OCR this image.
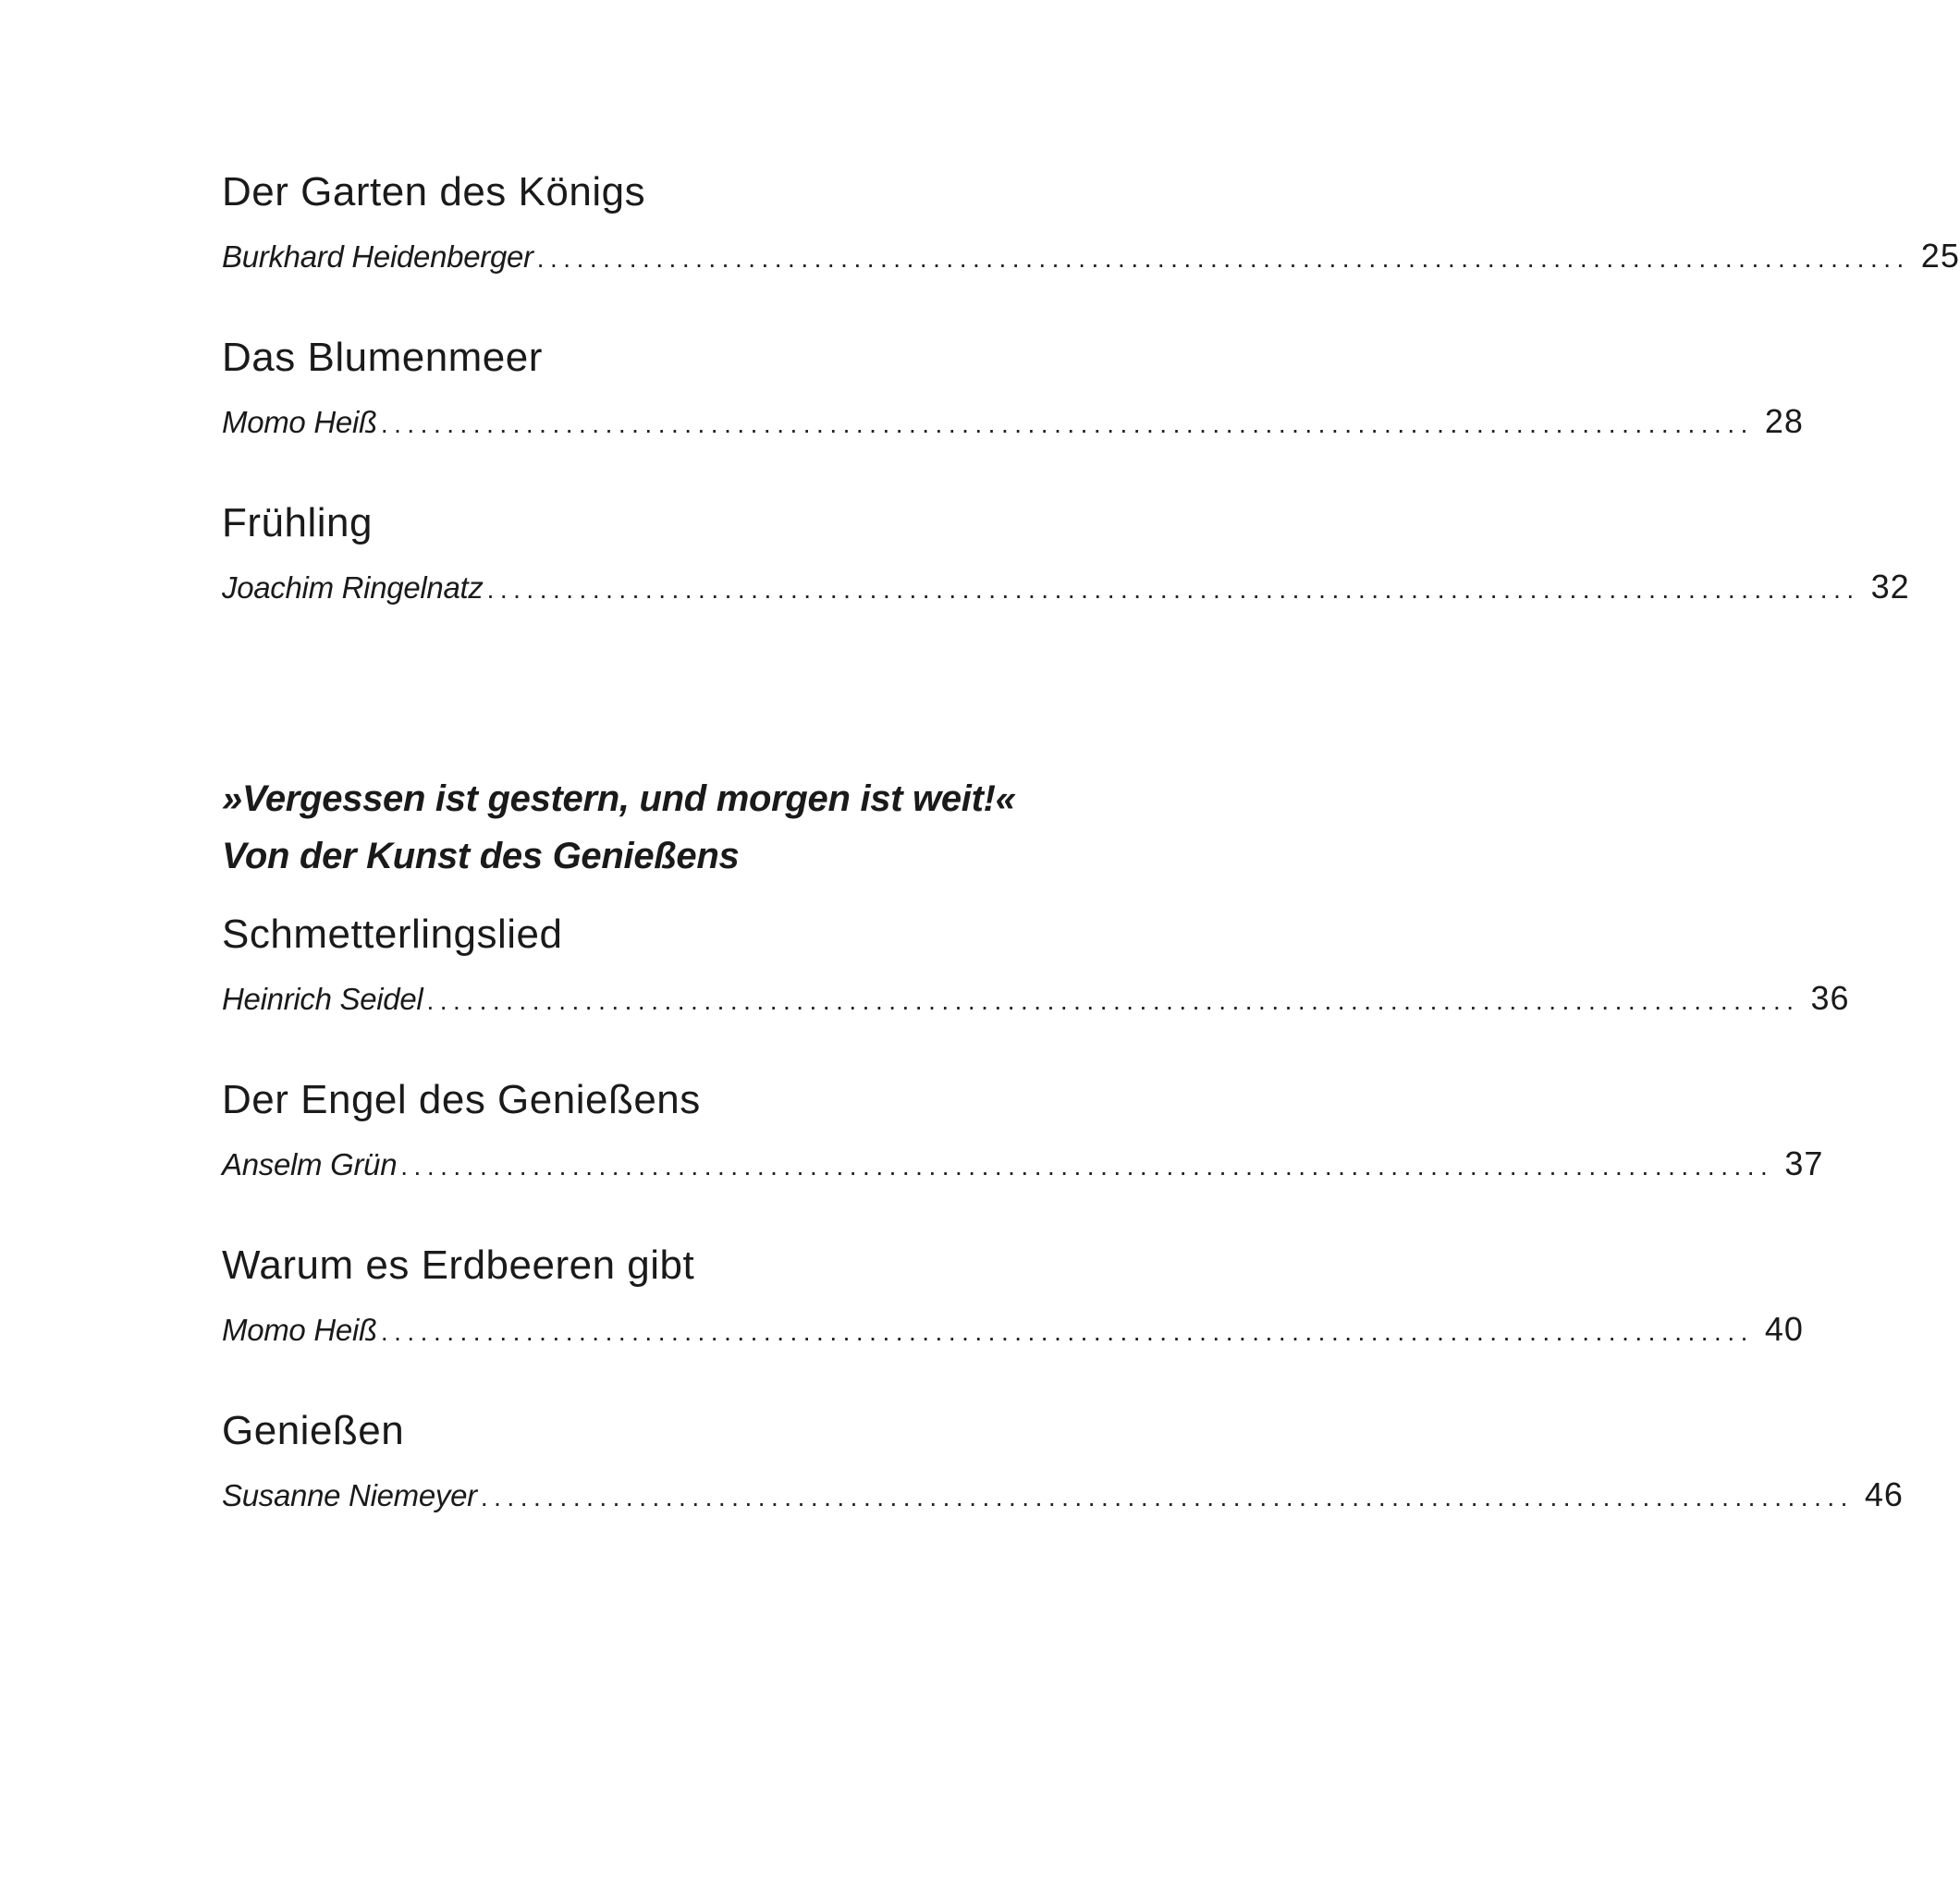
Der Garten des Königs
Burkhard Heidenberger ........................................................................................................ 25
Das Blumenmeer
Momo Heiß ........................................................................................................ 28
Frühling
Joachim Ringelnatz ........................................................................................................ 32
»Vergessen ist gestern, und morgen ist weit!«
Von der Kunst des Genießens
Schmetterlingslied
Heinrich Seidel ........................................................................................................ 36
Der Engel des Genießens
Anselm Grün ........................................................................................................ 37
Warum es Erdbeeren gibt
Momo Heiß ........................................................................................................ 40
Genießen
Susanne Niemeyer ........................................................................................................ 46
